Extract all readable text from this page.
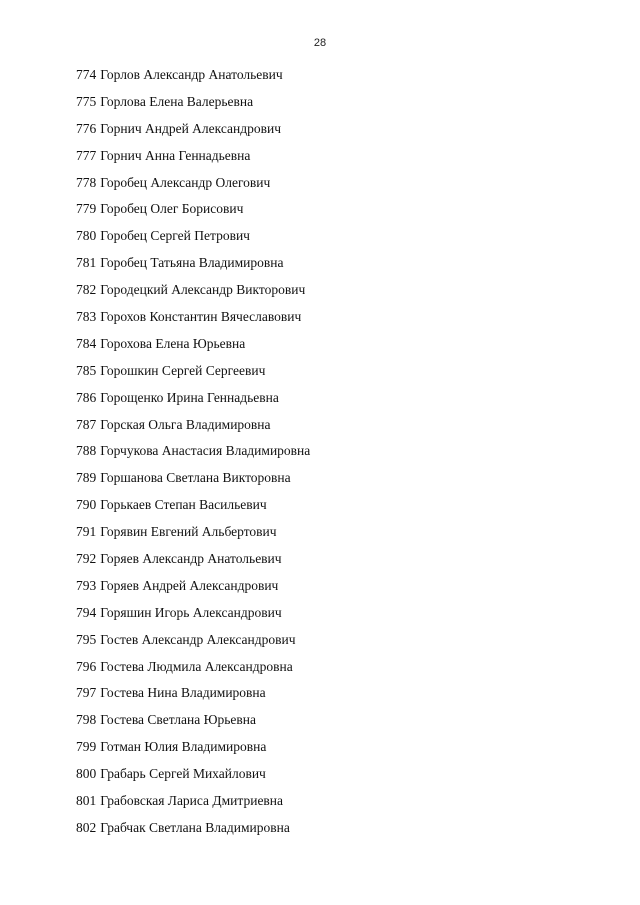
28
774 Горлов Александр Анатольевич
775 Горлова Елена Валерьевна
776 Горнич Андрей Александрович
777 Горнич Анна Геннадьевна
778 Горобец Александр Олегович
779 Горобец Олег Борисович
780 Горобец Сергей Петрович
781 Горобец Татьяна Владимировна
782 Городецкий Александр Викторович
783 Горохов Константин Вячеславович
784 Горохова Елена Юрьевна
785 Горошкин Сергей Сергеевич
786 Горощенко Ирина Геннадьевна
787 Горская Ольга Владимировна
788 Горчукова Анастасия Владимировна
789 Горшанова Светлана Викторовна
790 Горькаев Степан Васильевич
791 Горявин Евгений Альбертович
792 Горяев Александр Анатольевич
793 Горяев Андрей Александрович
794 Горяшин Игорь Александрович
795 Гостев Александр Александрович
796 Гостева Людмила Александровна
797 Гостева Нина Владимировна
798 Гостева Светлана Юрьевна
799 Готман Юлия Владимировна
800 Грабарь Сергей Михайлович
801 Грабовская Лариса Дмитриевна
802 Грабчак Светлана Владимировна
